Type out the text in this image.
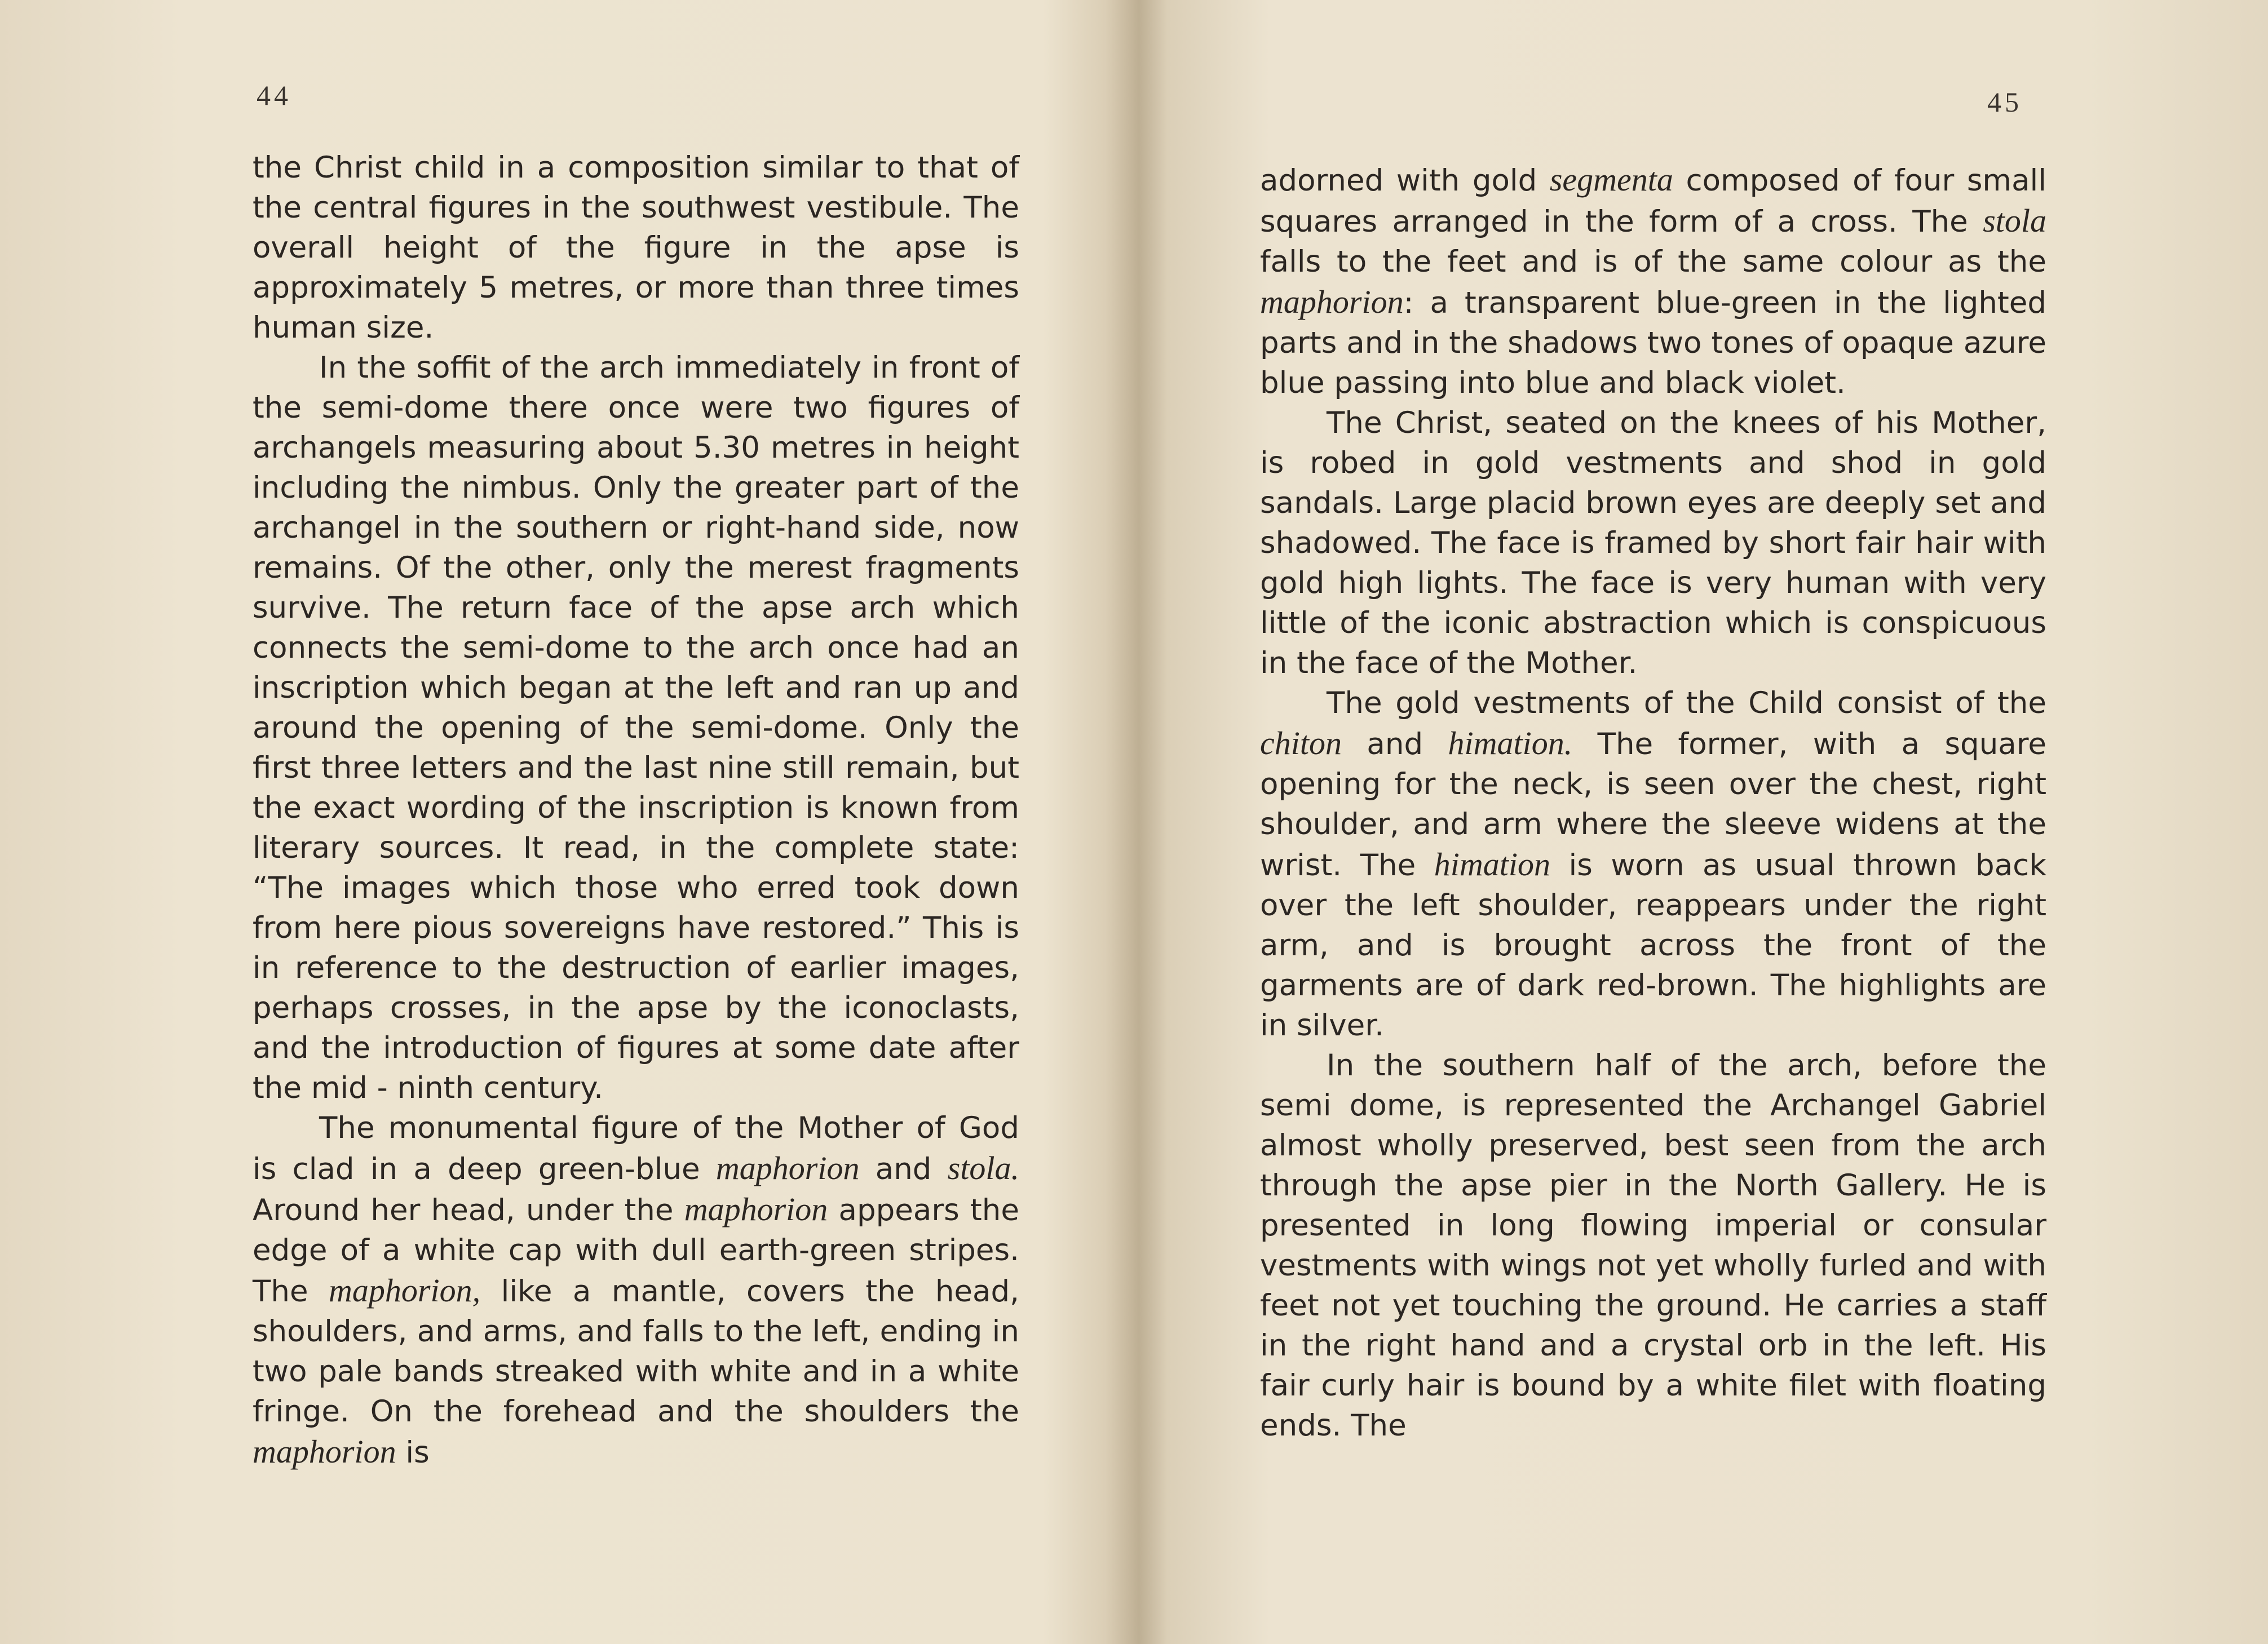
44

the Christ child in a composition similar to that of the central figures in the southwest vestibule. The overall height of the figure in the apse is approximately 5 metres, or more than three times human size.

In the soffit of the arch immediately in front of the semi-dome there once were two figures of archangels measuring about 5.30 metres in height including the nimbus. Only the greater part of the archangel in the southern or right-hand side, now remains. Of the other, only the merest fragments survive. The return face of the apse arch which connects the semi-dome to the arch once had an inscription which began at the left and ran up and around the opening of the semi-dome. Only the first three letters and the last nine still remain, but the exact wording of the inscription is known from literary sources. It read, in the complete state: “The images which those who erred took down from here pious sovereigns have restored.” This is in reference to the destruction of earlier images, perhaps crosses, in the apse by the iconoclasts, and the introduction of figures at some date after the mid - ninth century.

The monumental figure of the Mother of God is clad in a deep green-blue maphorion and stola. Around her head, under the maphorion appears the edge of a white cap with dull earth-green stripes. The maphorion, like a mantle, covers the head, shoulders, and arms, and falls to the left, ending in two pale bands streaked with white and in a white fringe. On the forehead and the shoulders the maphorion is

45

adorned with gold segmenta composed of four small squares arranged in the form of a cross. The stola falls to the feet and is of the same colour as the maphorion: a transparent blue-green in the lighted parts and in the shadows two tones of opaque azure blue passing into blue and black violet.

The Christ, seated on the knees of his Mother, is robed in gold vestments and shod in gold sandals. Large placid brown eyes are deeply set and shadowed. The face is framed by short fair hair with gold high lights. The face is very human with very little of the iconic abstraction which is conspicuous in the face of the Mother.

The gold vestments of the Child consist of the chiton and himation. The former, with a square opening for the neck, is seen over the chest, right shoulder, and arm where the sleeve widens at the wrist. The himation is worn as usual thrown back over the left shoulder, reappears under the right arm, and is brought across the front of the garments are of dark red-brown. The highlights are in silver.

In the southern half of the arch, before the semi dome, is represented the Archangel Gabriel almost wholly preserved, best seen from the arch through the apse pier in the North Gallery. He is presented in long flowing imperial or consular vestments with wings not yet wholly furled and with feet not yet touching the ground. He carries a staff in the right hand and a crystal orb in the left. His fair curly hair is bound by a white filet with floating ends. The
